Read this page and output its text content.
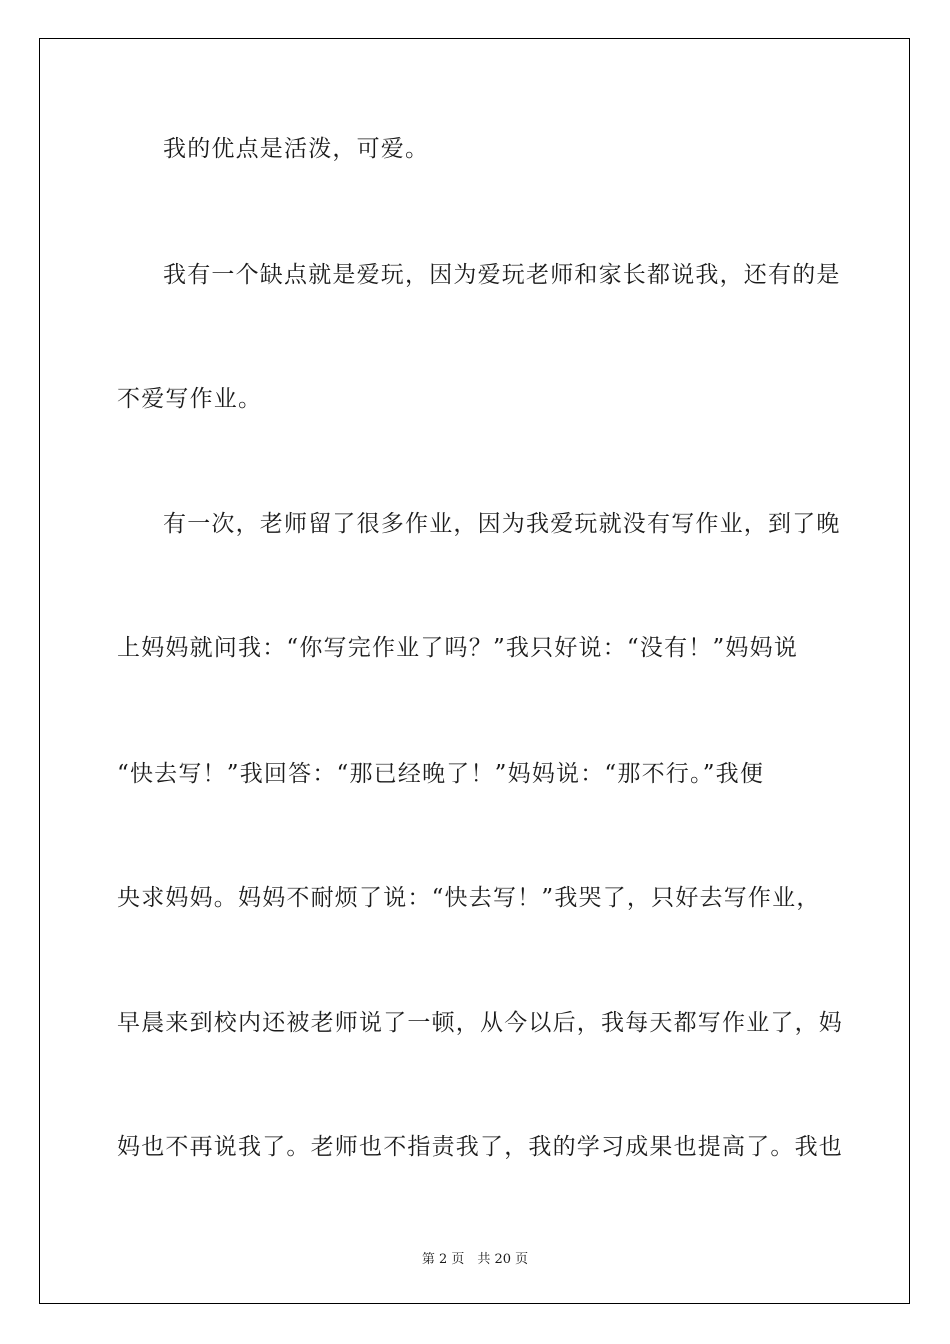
我的优点是活泼，可爱。
我有一个缺点就是爱玩，因为爱玩老师和家长都说我，还有的是
不爱写作业。
有一次，老师留了很多作业，因为我爱玩就没有写作业，到了晚
上妈妈就问我：“你写完作业了吗？”我只好说：“没有！”妈妈说
“快去写！”我回答：“那已经晚了！”妈妈说：“那不行。”我便
央求妈妈。妈妈不耐烦了说：“快去写！”我哭了，只好去写作业，
早晨来到校内还被老师说了一顿，从今以后，我每天都写作业了，妈
妈也不再说我了。老师也不指责我了，我的学习成果也提高了。我也
第 2 页　共 20 页
